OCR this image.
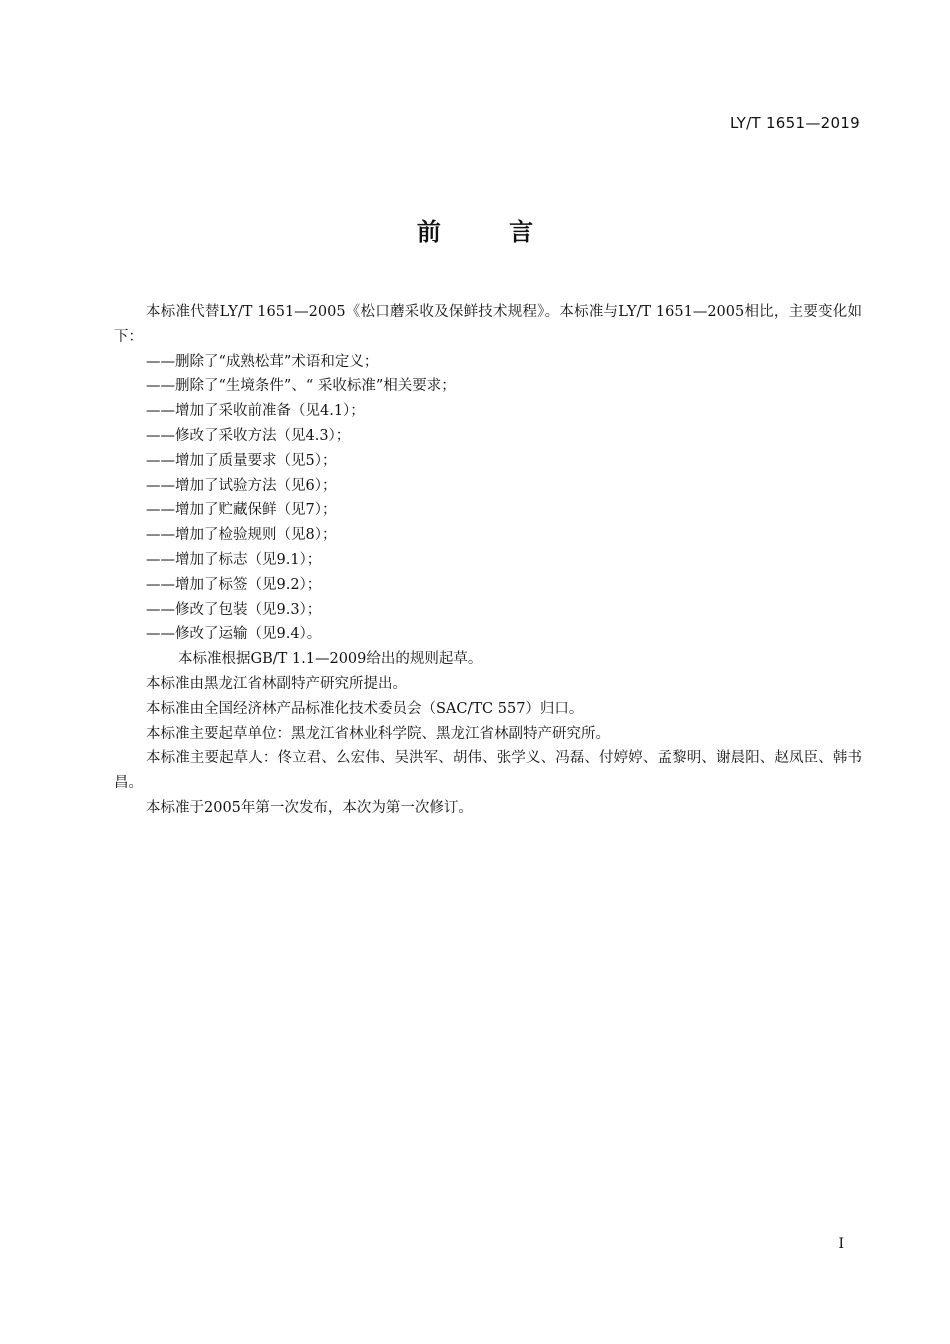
LY/T 1651—2019
前 言

本标准代替LY/T 1651—2005《松口蘑采收及保鲜技术规程》。本标准与LY/T 1651—2005相比，主要变化如下：

——删除了“成熟松茸”术语和定义；

——删除了“生境条件”、“ 采收标准”相关要求；

——增加了采收前准备（见4.1）；

——修改了采收方法（见4.3）；

——增加了质量要求（见5）；

——增加了试验方法（见6）；

——增加了贮藏保鲜（见7）；

——增加了检验规则（见8）；

——增加了标志（见9.1）；

——增加了标签（见9.2）；

——修改了包装（见9.3）；

——修改了运输（见9.4）。

本标准根据GB/T 1.1—2009给出的规则起草。

本标准由黑龙江省林副特产研究所提出。

本标准由全国经济林产品标准化技术委员会（SAC/TC 557）归口。

本标准主要起草单位：黑龙江省林业科学院、黑龙江省林副特产研究所。

本标准主要起草人：佟立君、么宏伟、吴洪军、胡伟、张学义、冯磊、付婷婷、孟黎明、谢晨阳、赵凤臣、韩书昌。

本标准于2005年第一次发布，本次为第一次修订。

I
